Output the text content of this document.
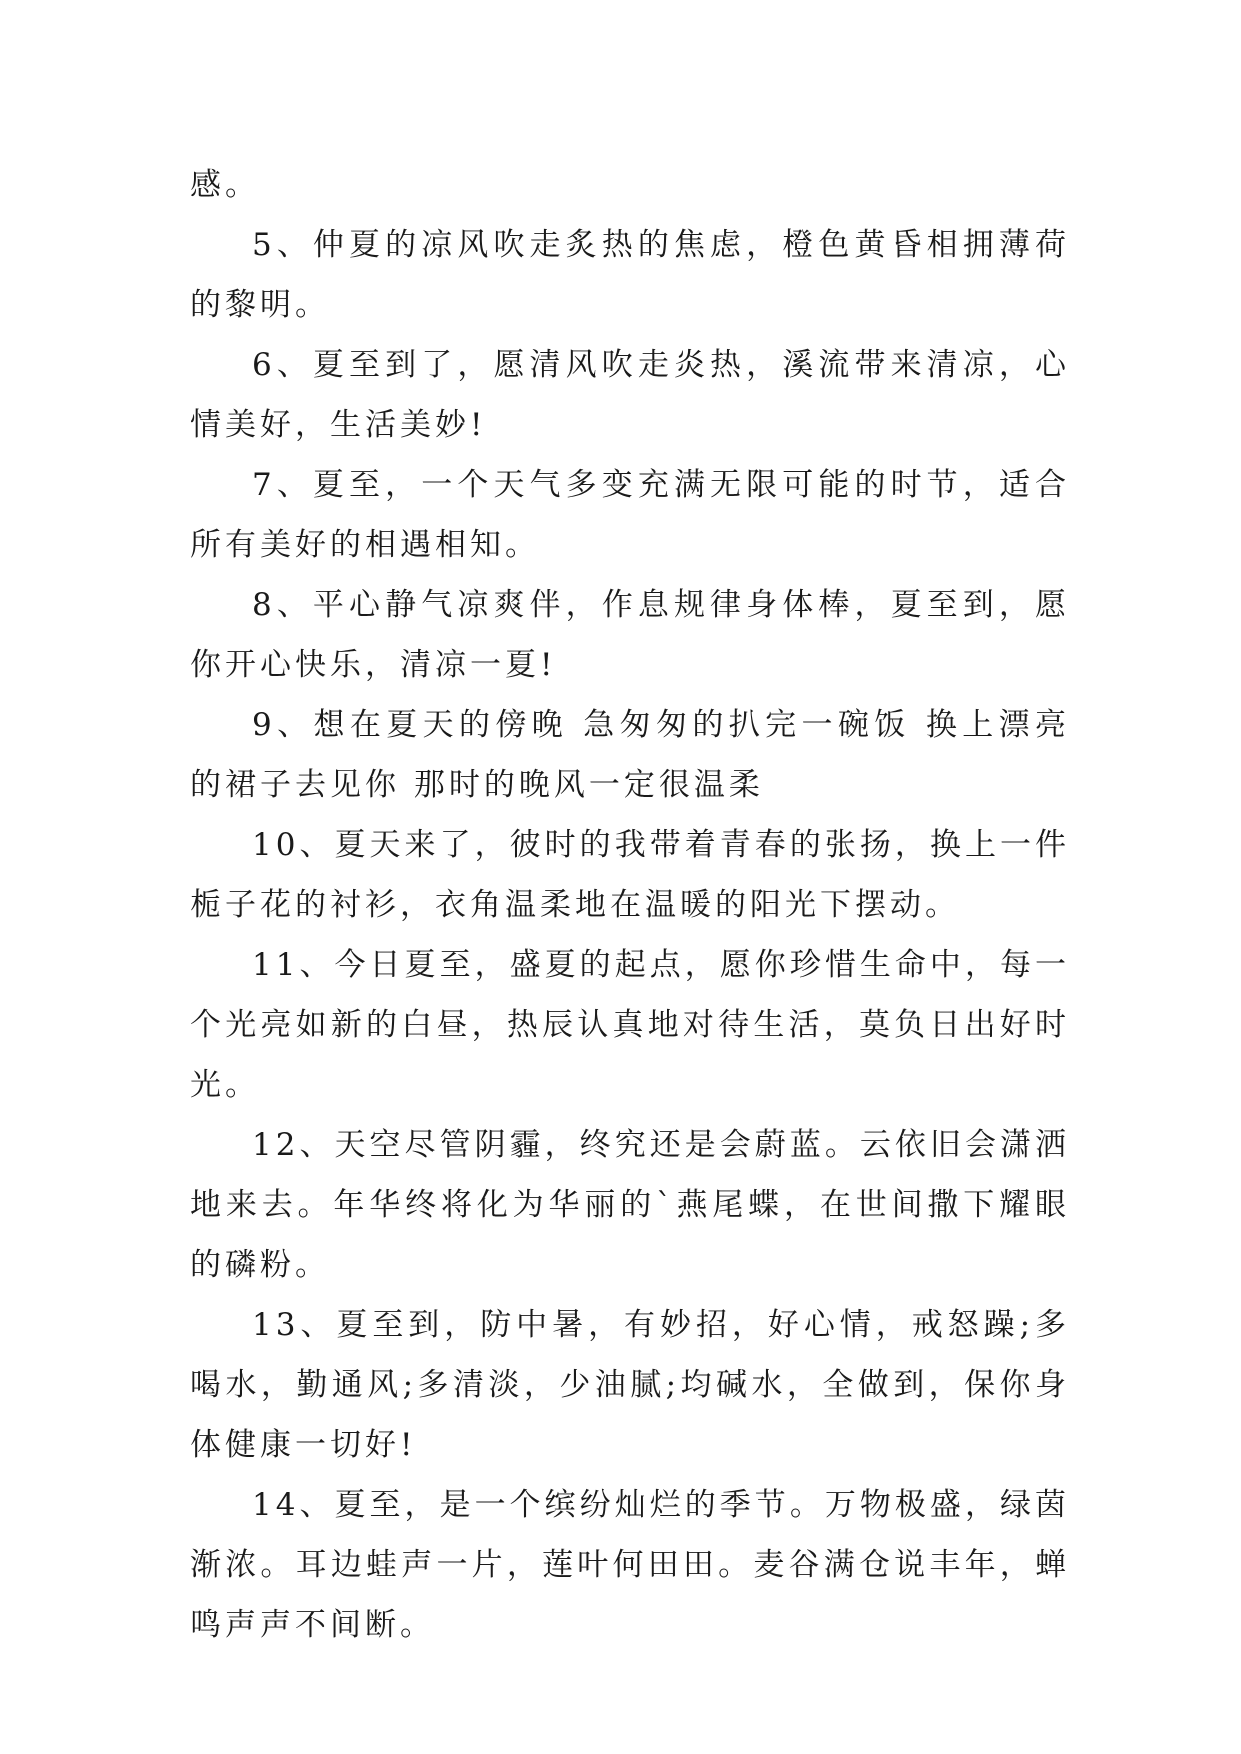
感。

5、仲夏的凉风吹走炙热的焦虑，橙色黄昏相拥薄荷的黎明。

6、夏至到了，愿清风吹走炎热，溪流带来清凉，心情美好，生活美妙!

7、夏至，一个天气多变充满无限可能的时节，适合所有美好的相遇相知。

8、平心静气凉爽伴，作息规律身体棒，夏至到，愿你开心快乐，清凉一夏!

9、想在夏天的傍晚 急匆匆的扒完一碗饭 换上漂亮的裙子去见你 那时的晚风一定很温柔

10、夏天来了，彼时的我带着青春的张扬，换上一件栀子花的衬衫，衣角温柔地在温暖的阳光下摆动。

11、今日夏至，盛夏的起点，愿你珍惜生命中，每一个光亮如新的白昼，热辰认真地对待生活，莫负日出好时光。

12、天空尽管阴霾，终究还是会蔚蓝。云依旧会潇洒地来去。年华终将化为华丽的`燕尾蝶，在世间撒下耀眼的磷粉。

13、夏至到，防中暑，有妙招，好心情，戒怒躁;多喝水，勤通风;多清淡，少油腻;均碱水，全做到，保你身体健康一切好!

14、夏至，是一个缤纷灿烂的季节。万物极盛，绿茵渐浓。耳边蛙声一片，莲叶何田田。麦谷满仓说丰年，蝉鸣声声不间断。
